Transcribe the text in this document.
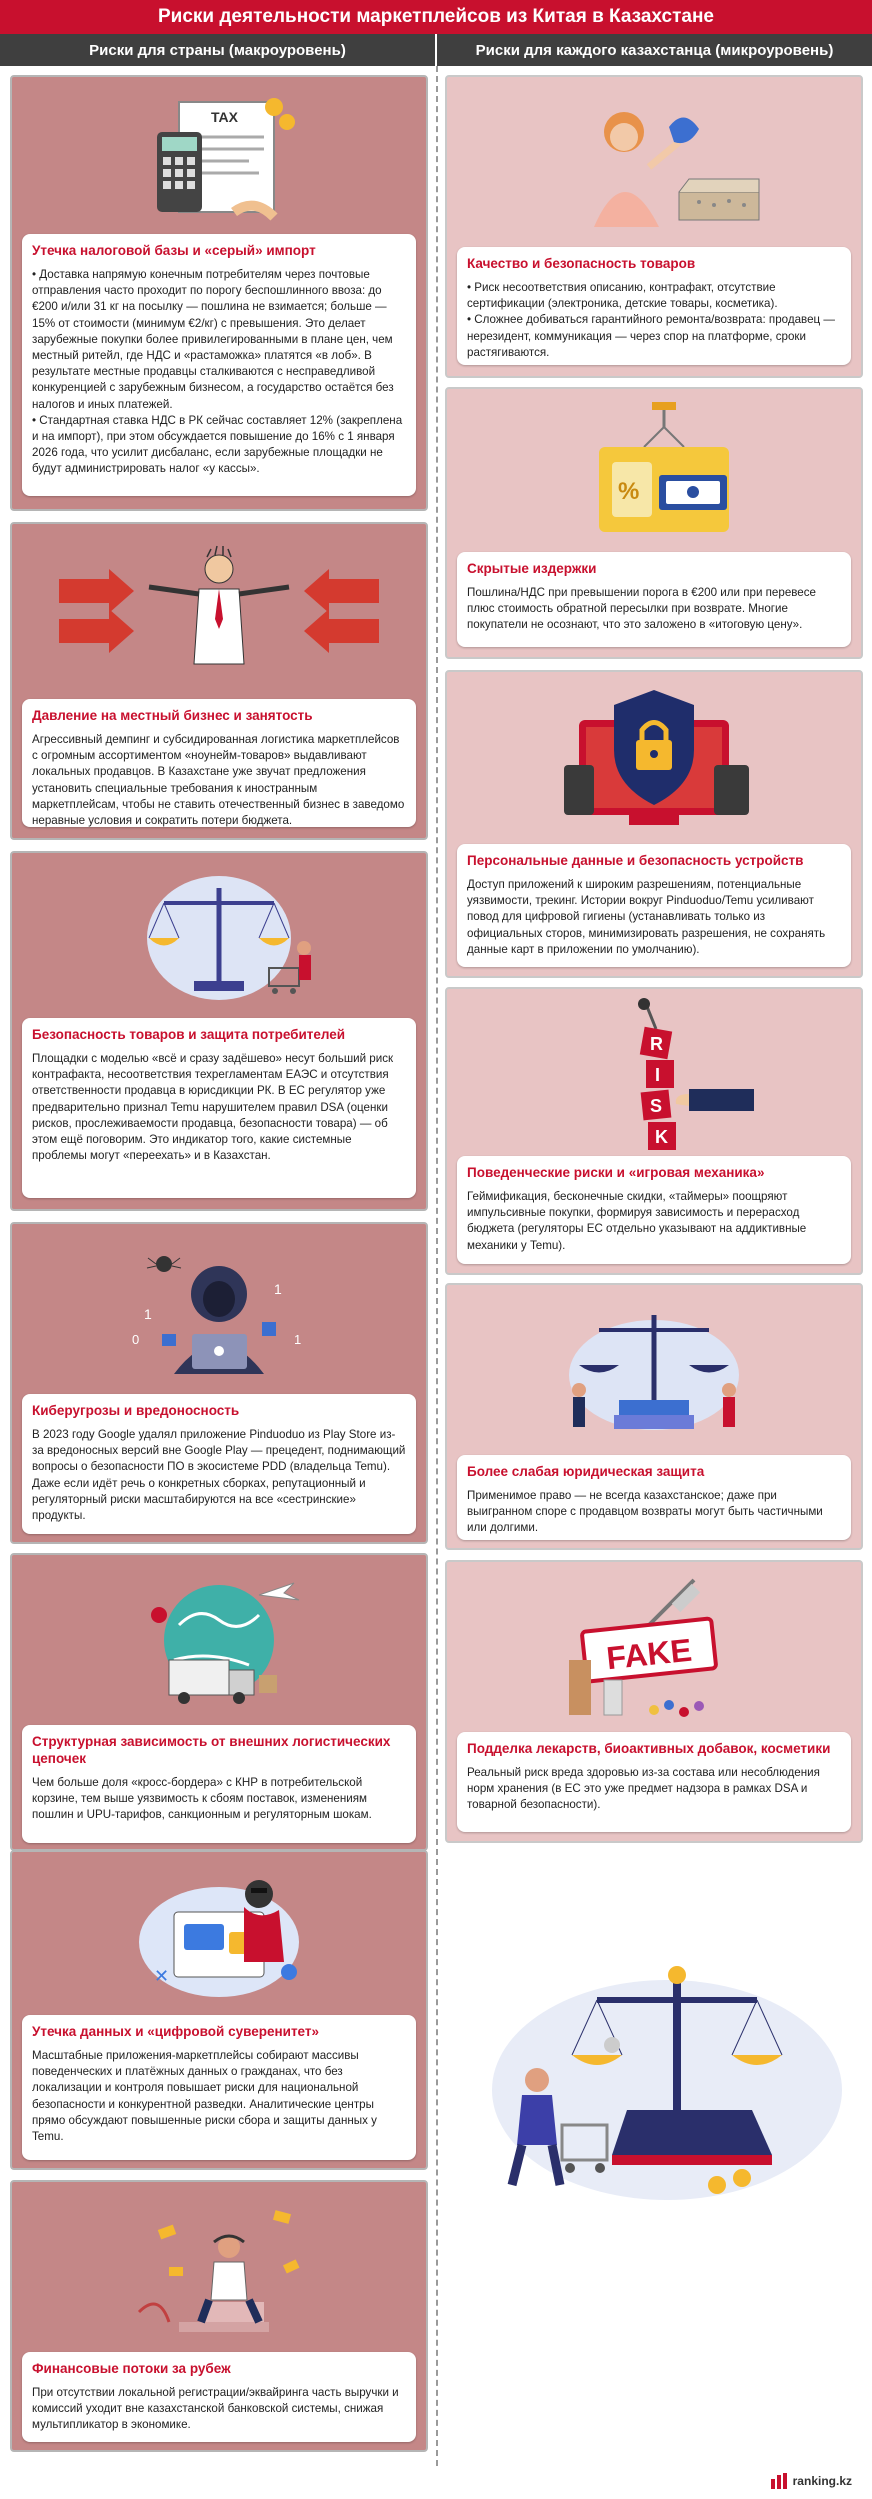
Риски деятельности маркетплейсов из Китая в Казахстане
Риски для страны (макроуровень)	Риски для каждого казахстанца (микроуровень)
TAX
Утечка налоговой базы и «серый» импорт

• Доставка напрямую конечным потребителям через почтовые отправления часто проходит по порогу беспошлинного ввоза: до €200 и/или 31 кг на посылку — пошлина не взимается; больше — 15% от стоимости (минимум €2/кг) с превышения. Это делает зарубежные покупки более привилегированными в плане цен, чем местный ритейл, где НДС и «растаможка» платятся «в лоб». В результате местные продавцы сталкиваются с несправедливой конкуренцией с зарубежным бизнесом, а государство остаётся без налогов и иных платежей.
• Стандартная ставка НДС в РК сейчас составляет 12% (закреплена и на импорт), при этом обсуждается повышение до 16% с 1 января 2026 года, что усилит дисбаланс, если зарубежные площадки не будут администрировать налог «у кассы».

Давление на местный бизнес и занятость

Агрессивный демпинг и субсидированная логистика маркетплейсов с огромным ассортиментом «ноунейм-товаров» выдавливают локальных продавцов. В Казахстане уже звучат предложения установить специальные требования к иностранным маркетплейсам, чтобы не ставить отечественный бизнес в заведомо неравные условия и сократить потери бюджета.

Безопасность товаров и защита потребителей

Площадки с моделью «всё и сразу задёшево» несут больший риск контрафакта, несоответствия техрегламентам ЕАЭС и отсутствия ответственности продавца в юрисдикции РК. В ЕС регулятор уже предварительно признал Temu нарушителем правил DSA (оценки рисков, прослеживаемости продавца, безопасности товара) — об этом ещё поговорим. Это индикатор того, какие системные проблемы могут «переехать» и в Казахстан.

1
1
0	1
Киберугрозы и вредоносность

В 2023 году Google удалял приложение Pinduoduo из Play Store из-за вредоносных версий вне Google Play — прецедент, поднимающий вопросы о безопасности ПО в экосистеме PDD (владельца Temu). Даже если идёт речь о конкретных сборках, репутационный и регуляторный риски масштабируются на все «сестринские» продукты.

Структурная зависимость от внешних логистических цепочек

Чем больше доля «кросс-бордера» с КНР в потребительской корзине, тем выше уязвимость к сбоям поставок, изменениям пошлин и UPU-тарифов, санкционным и регуляторным шокам.

✕
Утечка данных и «цифровой суверенитет»

Масштабные приложения-маркетплейсы собирают массивы поведенческих и платёжных данных о гражданах, что без локализации и контроля повышает риски для национальной безопасности и конкурентной разведки. Аналитические центры прямо обсуждают повышенные риски сбора и защиты данных у Temu.

Финансовые потоки за рубеж

При отсутствии локальной регистрации/эквайринга часть выручки и комиссий уходит вне казахстанской банковской системы, снижая мультипликатор в экономике.

Качество и безопасность товаров

• Риск несоответствия описанию, контрафакт, отсутствие сертификации (электроника, детские товары, косметика).
• Сложнее добиваться гарантийного ремонта/возврата: продавец — нерезидент, коммуникация — через спор на платформе, сроки растягиваются.

%
Скрытые издержки

Пошлина/НДС при превышении порога в €200 или при перевесе плюс стоимость обратной пересылки при возврате. Многие покупатели не осознают, что это заложено в «итоговую цену».

Персональные данные и безопасность устройств

Доступ приложений к широким разрешениям, потенциальные уязвимости, трекинг. Истории вокруг Pinduoduo/Temu усиливают повод для цифровой гигиены (устанавливать только из официальных сторов, минимизировать разрешения, не сохранять данные карт в приложении по умолчанию).

R
I
S
K
Поведенческие риски и «игровая механика»

Геймификация, бесконечные скидки, «таймеры» поощряют импульсивные покупки, формируя зависимость и перерасход бюджета (регуляторы ЕС отдельно указывают на аддиктивные механики у Temu).

Более слабая юридическая защита

Применимое право — не всегда казахстанское; даже при выигранном споре с продавцом возвраты могут быть частичными или долгими.

FAKE
Подделка лекарств, биоактивных добавок, косметики

Реальный риск вреда здоровью из-за состава или несоблюдения норм хранения (в ЕС это уже предмет надзора в рамках DSA и товарной безопасности).

ranking.kz
